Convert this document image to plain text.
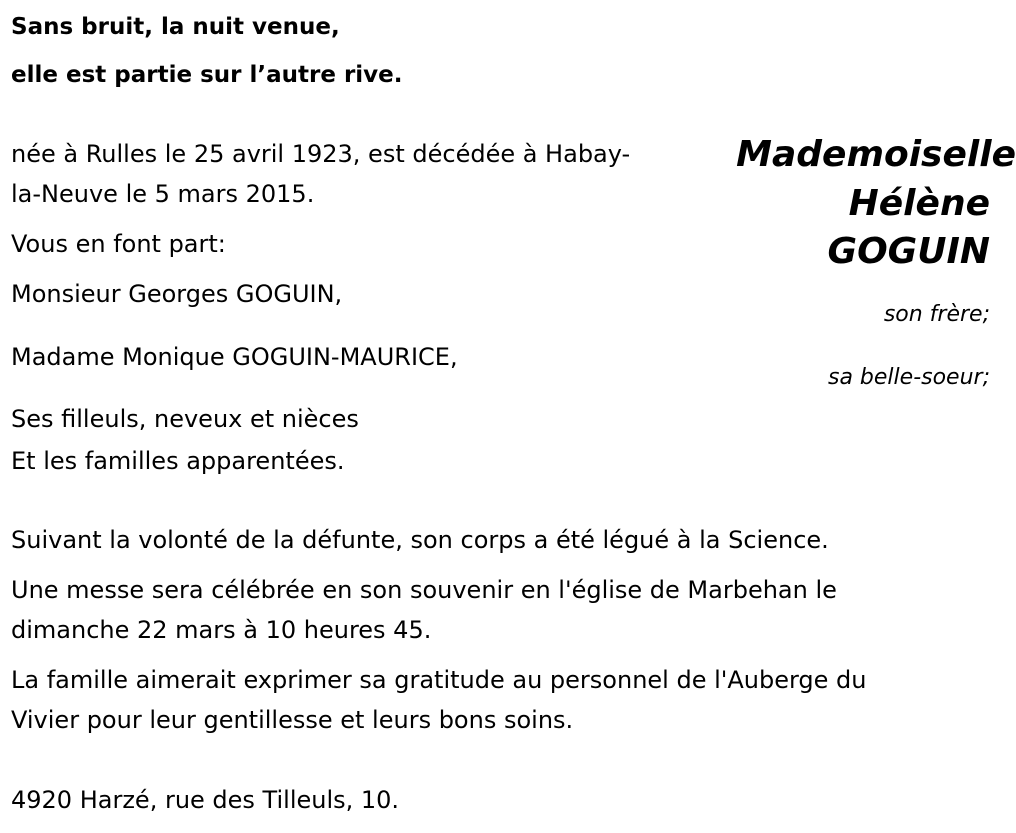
Sans bruit, la nuit venue,

elle est partie sur l’autre rive.

Mademoiselle

Hélène

GOGUIN

née à Rulles le 25 avril 1923, est décédée à Habay-

la-Neuve le 5 mars 2015.

Vous en font part:

Monsieur Georges GOGUIN,

son frère;

Madame Monique GOGUIN-MAURICE,

sa belle-soeur;

Ses filleuls, neveux et nièces

Et les familles apparentées.

Suivant la volonté de la défunte, son corps a été légué à la Science.

Une messe sera célébrée en son souvenir en l'église de Marbehan le

dimanche 22 mars à 10 heures 45.

La famille aimerait exprimer sa gratitude au personnel de l'Auberge du

Vivier pour leur gentillesse et leurs bons soins.

4920 Harzé, rue des Tilleuls, 10.
